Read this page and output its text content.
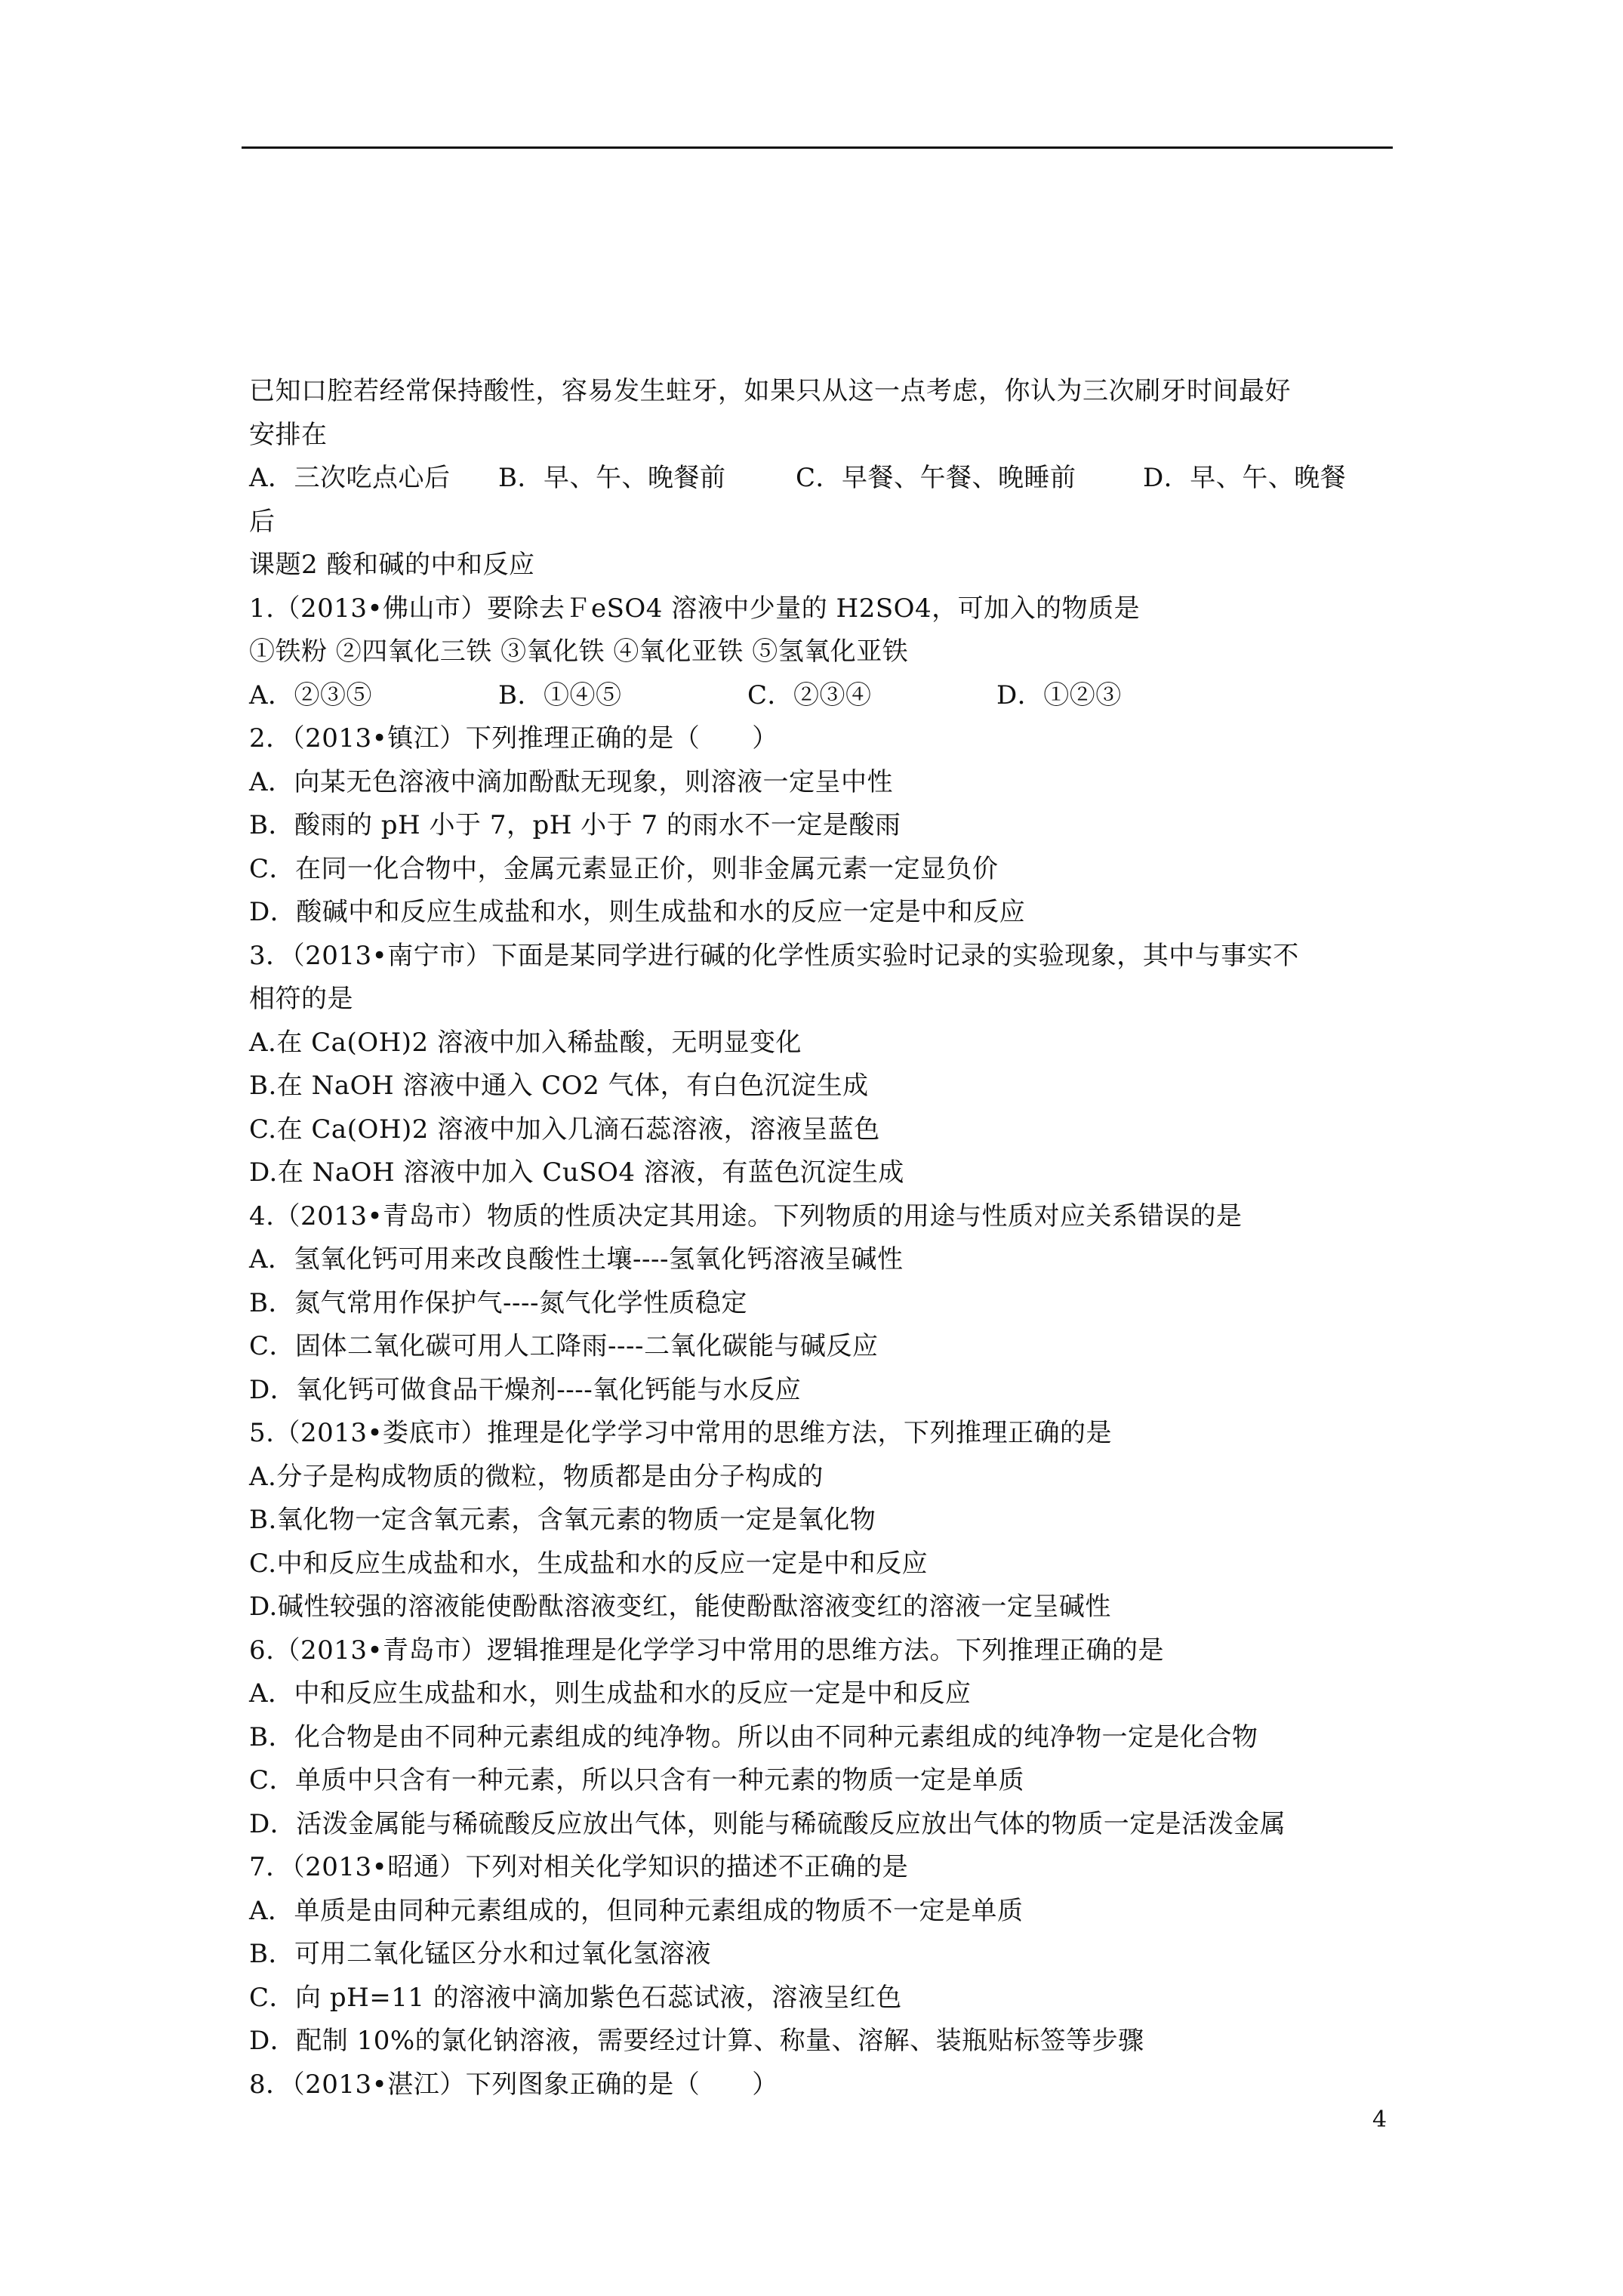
已知口腔若经常保持酸性，容易发生蛀牙，如果只从这一点考虑，你认为三次刷牙时间最好
安排在
A．三次吃点心后 B．早、午、晚餐前	C．早餐、午餐、晚睡前	D．早、午、晚餐
后
课题2 酸和碱的中和反应
1.（2013•佛山市）要除去ＦeSO4 溶液中少量的 H2SO4，可加入的物质是
①铁粉 ②四氧化三铁 ③氧化铁 ④氧化亚铁 ⑤氢氧化亚铁
A．②③⑤	B．①④⑤	C．②③④	D．①②③
2．（2013•镇江）下列推理正确的是（　　）
A．向某无色溶液中滴加酚酞无现象，则溶液一定呈中性
B．酸雨的 pH 小于 7，pH 小于 7 的雨水不一定是酸雨
C．在同一化合物中，金属元素显正价，则非金属元素一定显负价
D．酸碱中和反应生成盐和水，则生成盐和水的反应一定是中和反应
3．（2013•南宁市）下面是某同学进行碱的化学性质实验时记录的实验现象，其中与事实不
相符的是
A.在 Ca(OH)2 溶液中加入稀盐酸，无明显变化
B.在 NaOH 溶液中通入 CO2 气体，有白色沉淀生成
C.在 Ca(OH)2 溶液中加入几滴石蕊溶液，溶液呈蓝色
D.在 NaOH 溶液中加入 CuSO4 溶液，有蓝色沉淀生成
4.（2013•青岛市）物质的性质决定其用途。下列物质的用途与性质对应关系错误的是
A．氢氧化钙可用来改良酸性土壤----氢氧化钙溶液呈碱性
B．氮气常用作保护气----氮气化学性质稳定
C．固体二氧化碳可用人工降雨----二氧化碳能与碱反应
D．氧化钙可做食品干燥剂----氧化钙能与水反应
5.（2013•娄底市）推理是化学学习中常用的思维方法，下列推理正确的是
A.分子是构成物质的微粒，物质都是由分子构成的
B.氧化物一定含氧元素，含氧元素的物质一定是氧化物
C.中和反应生成盐和水，生成盐和水的反应一定是中和反应
D.碱性较强的溶液能使酚酞溶液变红，能使酚酞溶液变红的溶液一定呈碱性
6.（2013•青岛市）逻辑推理是化学学习中常用的思维方法。下列推理正确的是
A．中和反应生成盐和水，则生成盐和水的反应一定是中和反应
B．化合物是由不同种元素组成的纯净物。所以由不同种元素组成的纯净物一定是化合物
C．单质中只含有一种元素，所以只含有一种元素的物质一定是单质
D．活泼金属能与稀硫酸反应放出气体，则能与稀硫酸反应放出气体的物质一定是活泼金属
7．（2013•昭通）下列对相关化学知识的描述不正确的是
A．单质是由同种元素组成的，但同种元素组成的物质不一定是单质
B．可用二氧化锰区分水和过氧化氢溶液
C．向 pH=11 的溶液中滴加紫色石蕊试液，溶液呈红色
D．配制 10%的氯化钠溶液，需要经过计算、称量、溶解、装瓶贴标签等步骤
8．（2013•湛江）下列图象正确的是（　　）
4
